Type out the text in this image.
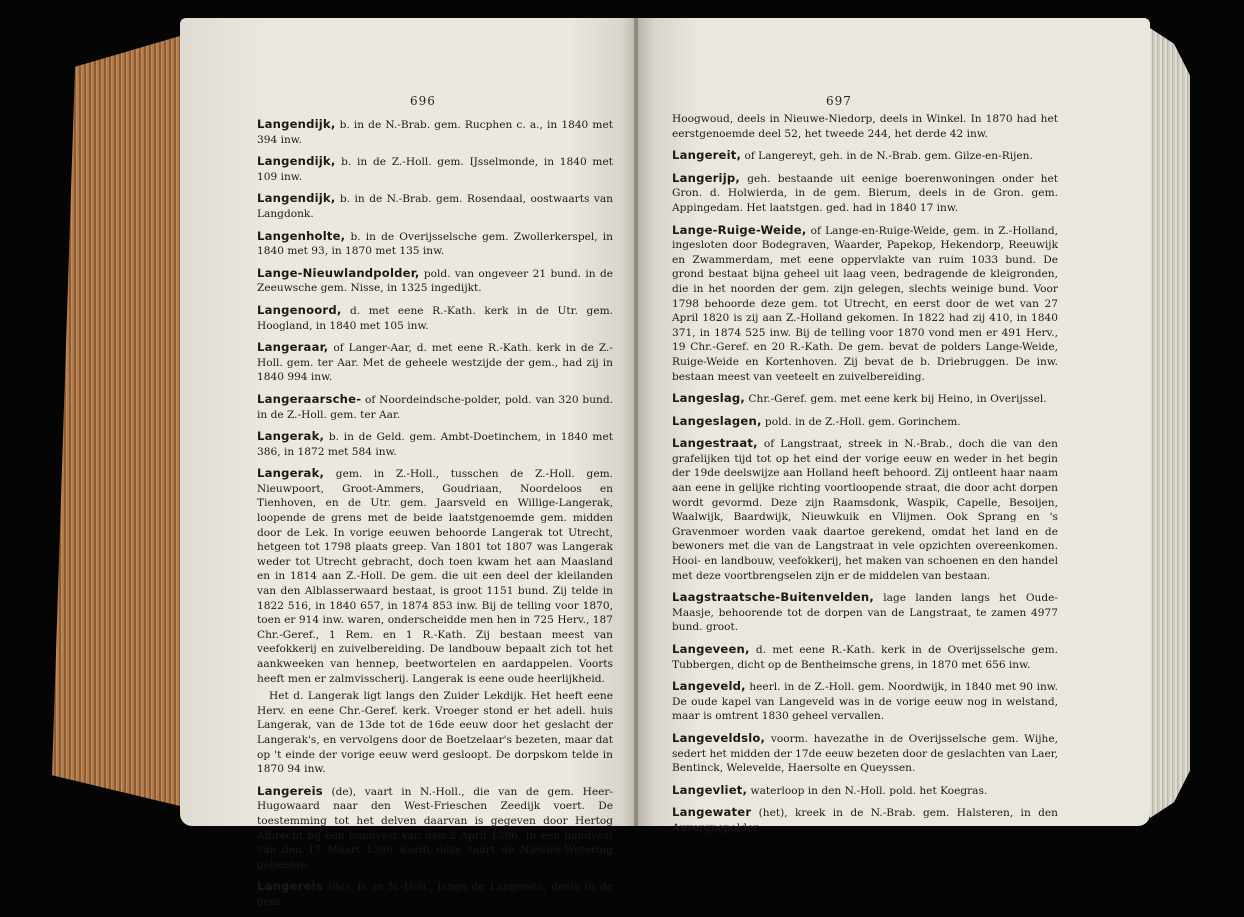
696

Langendijk, b. in de N.-Brab. gem. Rucphen c. a., in 1840 met 394 inw.

Langendijk, b. in de Z.-Holl. gem. IJsselmonde, in 1840 met 109 inw.

Langendijk, b. in de N.-Brab. gem. Rosendaal, oostwaarts van Langdonk.

Langenholte, b. in de Overijsselsche gem. Zwollerkerspel, in 1840 met 93, in 1870 met 135 inw.

Lange-Nieuwlandpolder, pold. van ongeveer 21 bund. in de Zeeuwsche gem. Nisse, in 1325 ingedijkt.

Langenoord, d. met eene R.-Kath. kerk in de Utr. gem. Hoogland, in 1840 met 105 inw.

Langeraar, of Langer-Aar, d. met eene R.-Kath. kerk in de Z.-Holl. gem. ter Aar. Met de geheele westzijde der gem., had zij in 1840 994 inw.

Langeraarsche- of Noordeindsche-polder, pold. van 320 bund. in de Z.-Holl. gem. ter Aar.

Langerak, b. in de Geld. gem. Ambt-Doetinchem, in 1840 met 386, in 1872 met 584 inw.

Langerak, gem. in Z.-Holl., tusschen de Z.-Holl. gem. Nieuwpoort, Groot-Ammers, Goudriaan, Noordeloos en Tienhoven, en de Utr. gem. Jaarsveld en Willige-Langerak, loopende de grens met de beide laatstgenoemde gem. midden door de Lek. In vorige eeuwen behoorde Langerak tot Utrecht, hetgeen tot 1798 plaats greep. Van 1801 tot 1807 was Langerak weder tot Utrecht gebracht, doch toen kwam het aan Maasland en in 1814 aan Z.-Holl. De gem. die uit een deel der kleilanden van den Alblasserwaard bestaat, is groot 1151 bund. Zij telde in 1822 516, in 1840 657, in 1874 853 inw. Bij de telling voor 1870, toen er 914 inw. waren, onderscheidde men hen in 725 Herv., 187 Chr.-Geref., 1 Rem. en 1 R.-Kath. Zij bestaan meest van veefokkerij en zuivelbereiding. De landbouw bepaalt zich tot het aankweeken van hennep, beetwortelen en aardappelen. Voorts heeft men er zalmvisscherij. Langerak is eene oude heerlijkheid.

Het d. Langerak ligt langs den Zuider Lekdijk. Het heeft eene Herv. en eene Chr.-Geref. kerk. Vroeger stond er het adell. huis Langerak, van de 13de tot de 16de eeuw door het geslacht der Langerak's, en vervolgens door de Boetzelaar's bezeten, maar dat op 't einde der vorige eeuw werd gesloopt. De dorpskom telde in 1870 94 inw.

Langereis (de), vaart in N.-Holl., die van de gem. Heer-Hugowaard naar den West-Frieschen Zeedijk voert. De toestemming tot het delven daarvan is gegeven door Hertog Albrecht bij een handvest van den 2 April 1386. In een handvest van den 17 Maart 1396 wordt deze vaart de Nieuwe-Wetering geheeten.

Langereis (de), b. in N.-Holl., langs de Langereis, deels in de gem.

697

Hoogwoud, deels in Nieuwe-Niedorp, deels in Winkel. In 1870 had het eerstgenoemde deel 52, het tweede 244, het derde 42 inw.

Langereit, of Langereyt, geh. in de N.-Brab. gem. Gilze-en-Rijen.

Langerijp, geh. bestaande uit eenige boerenwoningen onder het Gron. d. Holwierda, in de gem. Bierum, deels in de Gron. gem. Appingedam. Het laatstgen. ged. had in 1840 17 inw.

Lange-Ruige-Weide, of Lange-en-Ruige-Weide, gem. in Z.-Holland, ingesloten door Bodegraven, Waarder, Papekop, Hekendorp, Reeuwijk en Zwammerdam, met eene oppervlakte van ruim 1033 bund. De grond bestaat bijna geheel uit laag veen, bedragende de kleigronden, die in het noorden der gem. zijn gelegen, slechts weinige bund. Voor 1798 behoorde deze gem. tot Utrecht, en eerst door de wet van 27 April 1820 is zij aan Z.-Holland gekomen. In 1822 had zij 410, in 1840 371, in 1874 525 inw. Bij de telling voor 1870 vond men er 491 Herv., 19 Chr.-Geref. en 20 R.-Kath. De gem. bevat de polders Lange-Weide, Ruige-Weide en Kortenhoven. Zij bevat de b. Driebruggen. De inw. bestaan meest van veeteelt en zuivelbereiding.

Langeslag, Chr.-Geref. gem. met eene kerk bij Heino, in Overijssel.

Langeslagen, pold. in de Z.-Holl. gem. Gorinchem.

Langestraat, of Langstraat, streek in N.-Brab., doch die van den grafelijken tijd tot op het eind der vorige eeuw en weder in het begin der 19de deelswijze aan Holland heeft behoord. Zij ontleent haar naam aan eene in gelijke richting voortloopende straat, die door acht dorpen wordt gevormd. Deze zijn Raamsdonk, Waspik, Capelle, Besoijen, Waalwijk, Baardwijk, Nieuwkuik en Vlijmen. Ook Sprang en 's Gravenmoer worden vaak daartoe gerekend, omdat het land en de bewoners met die van de Langstraat in vele opzichten overeenkomen. Hooi- en landbouw, veefokkerij, het maken van schoenen en den handel met deze voortbrengselen zijn er de middelen van bestaan.

Laagstraatsche-Buitenvelden, lage landen langs het Oude-Maasje, behoorende tot de dorpen van de Langstraat, te zamen 4977 bund. groot.

Langeveen, d. met eene R.-Kath. kerk in de Overijsselsche gem. Tubbergen, dicht op de Bentheimsche grens, in 1870 met 656 inw.

Langeveld, heerl. in de Z.-Holl. gem. Noordwijk, in 1840 met 90 inw. De oude kapel van Langeveld was in de vorige eeuw nog in welstand, maar is omtrent 1830 geheel vervallen.

Langeveldslo, voorm. havezathe in de Overijsselsche gem. Wijhe, sedert het midden der 17de eeuw bezeten door de geslachten van Laer, Bentinck, Welevelde, Haersolte en Queyssen.

Langevliet, waterloop in den N.-Holl. pold. het Koegras.

Langewater (het), kreek in de N.-Brab. gem. Halsteren, in den Auvergnepolder.
